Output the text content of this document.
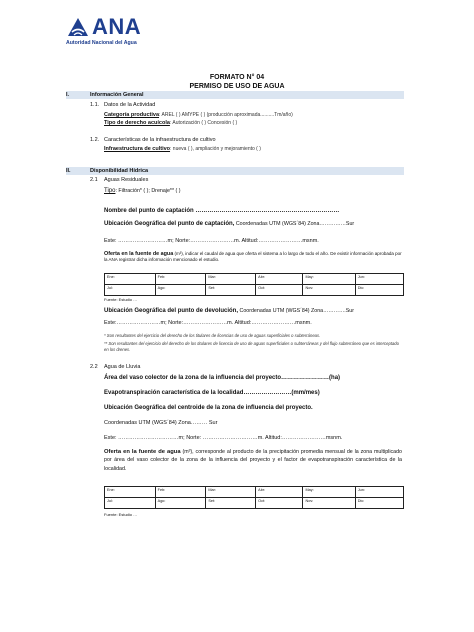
ANA
Autoridad Nacional del Agua
FORMATO N° 04
PERMISO DE USO DE AGUA
I.	Información General
1.1. Datos de la Actividad
Categoría productiva: AREL ( ) AMYPE ( ) (producción aproximada..........Tm/año)
Tipo de derecho acuícola: Autorización ( ) Concesión ( )
1.2. Características de la infraestructura de cultivo
Infraestructura de cultivo: nueva ( ), ampliación y mejoramiento ( )
II.	Disponibilidad Hídrica
2.1 Aguas Residuales
Tipo: Filtración* ( ); Drenaje** ( )
Nombre del punto de captación ………………………………………………………………
Ubicación Geográfica del punto de captación, Coordenadas UTM (WGS´84) Zona……………Sur
Este: ………………………m; Norte:……………………m. Altitud:……………………msnm.
Oferta en la fuente de agua (m³), indicar el caudal de agua que oferta el sistema a lo largo de todo el año. De existir información aprobada por la ANA registrar dicha información mencionado el estudio.
Ene:	Feb:	Mar:	Abr:	May:	Jun:
Jul:	Ago:	Set:	Oct:	Nov:	Dic:
Fuente: Estudio …
Ubicación Geográfica del punto de devolución, Coordenadas UTM (WGS´84) Zona………….Sur
Este:……………………m; Norte:……………………m. Altitud:……………………msnm.
* Son resultantes del ejercicio del derecho de los titulares de licencias de uso de aguas superficiales o subterráneas.
** Son resultantes del ejercicio del derecho de los titulares de licencia de uso de aguas superficiales o subterráneas y del flujo subterráneo que es interceptado en los drenes.
2.2 Agua de Lluvia
Área del vaso colector de la zona de la influencia del proyecto……………………(ha)
Evapotranspiración característica de la localidad……………………(mm/mes)
Ubicación Geográfica del centroide de la zona de influencia del proyecto.
Coordenadas UTM (WGS´84) Zona……… Sur
Este: ……………………………m; Norte: …………………………m. Altitud:……………………msnm.
Oferta en la fuente de agua (m³), corresponde al producto de la precipitación promedia mensual de la zona multiplicado por área del vaso colector de la zona de la influencia del proyecto y el factor de evapotranspiración característica de la localidad.
Ene:	Feb:	Mar:	Abr:	May:	Jun:
Jul:	Ago:	Set:	Oct:	Nov:	Dic:
Fuente: Estudio …
